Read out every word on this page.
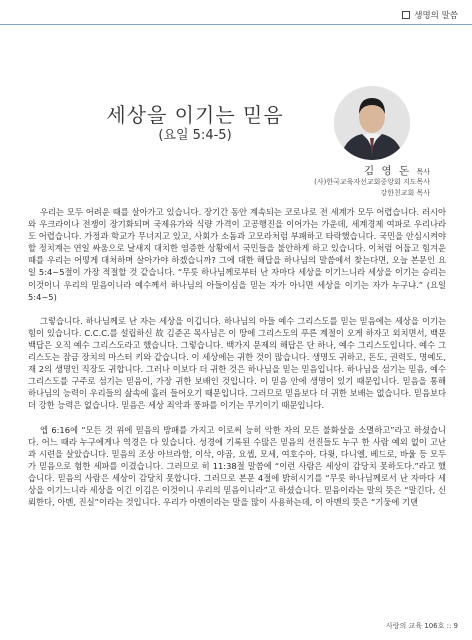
생명의 말씀
세상을 이기는 믿음
(요일 5:4-5)
김 영 돈 목사
(사)한국교육자선교회중앙회 지도목사
강한친교회 목사

우리는 모두 어려운 때를 살아가고 있습니다. 장기간 동안 계속되는 코로나로 전 세계가 모두 어렵습니다. 러시아와 우크라이나 전쟁이 장기화되며 국제유가와 식량 가격이 고공행진을 이어가는 가운데, 세계경제 여파로 우리나라도 어렵습니다. 가정과 학교가 무너지고 있고, 사회가 소돔과 고모라처럼 부패하고 타락했습니다. 국민을 안심시켜야 할 정치계는 연일 싸움으로 날새지 대치한 염증한 상황에서 국민들을 불안하게 하고 있습니다. 이처럼 어둡고 힘겨운 때를 우리는 어떻게 대처하며 살아가야 하겠습니까? 그에 대한 해답을 하나님의 말씀에서 찾는다면, 오늘 본문인 요일 5:4~5절이 가장 적절할 것 같습니다. “무릇 하나님께로부터 난 자마다 세상을 이기느니라 세상을 이기는 승리는 이것이니 우리의 믿음이니라 예수께서 하나님의 아들이심을 믿는 자가 아니면 세상을 이기는 자가 누구냐.” (요일 5:4~5)

그렇습니다. 하나님께로 난 자는 세상을 이깁니다. 하나님의 아들 예수 그리스도를 믿는 믿음에는 세상을 이기는 힘이 있습니다. C.C.C.를 설립하신 故 김준곤 목사님은 이 땅에 그리스도의 푸른 계절이 오게 하자고 외치면서, 백문백답은 오직 예수 그리스도라고 했습니다. 그렇습니다. 백가지 문제의 해답은 단 하나, 예수 그리스도입니다. 예수 그리스도는 잠금 장치의 마스터 키와 같습니다. 이 세상에는 귀한 것이 많습니다. 생명도 귀하고, 돈도, 권력도, 명예도, 재 2의 생명인 직장도 귀합니다. 그러나 이보다 더 귀한 것은 하나님을 믿는 믿음입니다. 하나님을 섬기는 믿음, 예수 그리스도를 구주로 섬기는 믿음이, 가장 귀한 보배인 것입니다. 이 믿음 안에 생명이 있기 때문입니다. 믿음을 통해 하나님의 능력이 우리들의 삶속에 흘러 들어오기 때문입니다. 그러므로 믿음보다 더 귀한 보배는 없습니다. 믿음보다 더 강한 능력은 없습니다. 믿음은 세상 죄악과 풍파를 이기는 무기이기 때문입니다.

엡 6:16에 “모든 것 위에 믿음의 방패를 가지고 이로써 능히 악한 자의 모든 불화살을 소멸하고”라고 하셨습니다. 어느 때라 누구에게나 역경은 다 있습니다. 성경에 기록된 수많은 믿음의 선진들도 누구 한 사람 예외 없이 고난과 시련을 살았습니다. 믿음의 조상 아브라함, 이삭, 야곱, 요셉, 모세, 여호수아, 다윗, 다니엘, 베드로, 바울 등 모두가 믿음으로 험한 세파를 이겼습니다. 그러므로 히 11:38절 말씀에 “이런 사람은 세상이 감당치 못하도다.”라고 했습니다. 믿음의 사람은 세상이 감당치 못합니다. 그러므로 본문 4절에 밝히시기를 “무릇 하나님께로서 난 자마다 세상을 이기느니라 세상을 이긴 이김은 이것이니 우리의 믿음이니라”고 하셨습니다. 믿음이라는 말의 뜻은 “말긴다, 신뢰한다, 아멘, 진실”이라는 것입니다. 우리가 아멘이라는 말을 많이 사용하는데, 이 아멘의 뜻은 “기둥에 기댄

사랑의 교육 106호 :: 9
